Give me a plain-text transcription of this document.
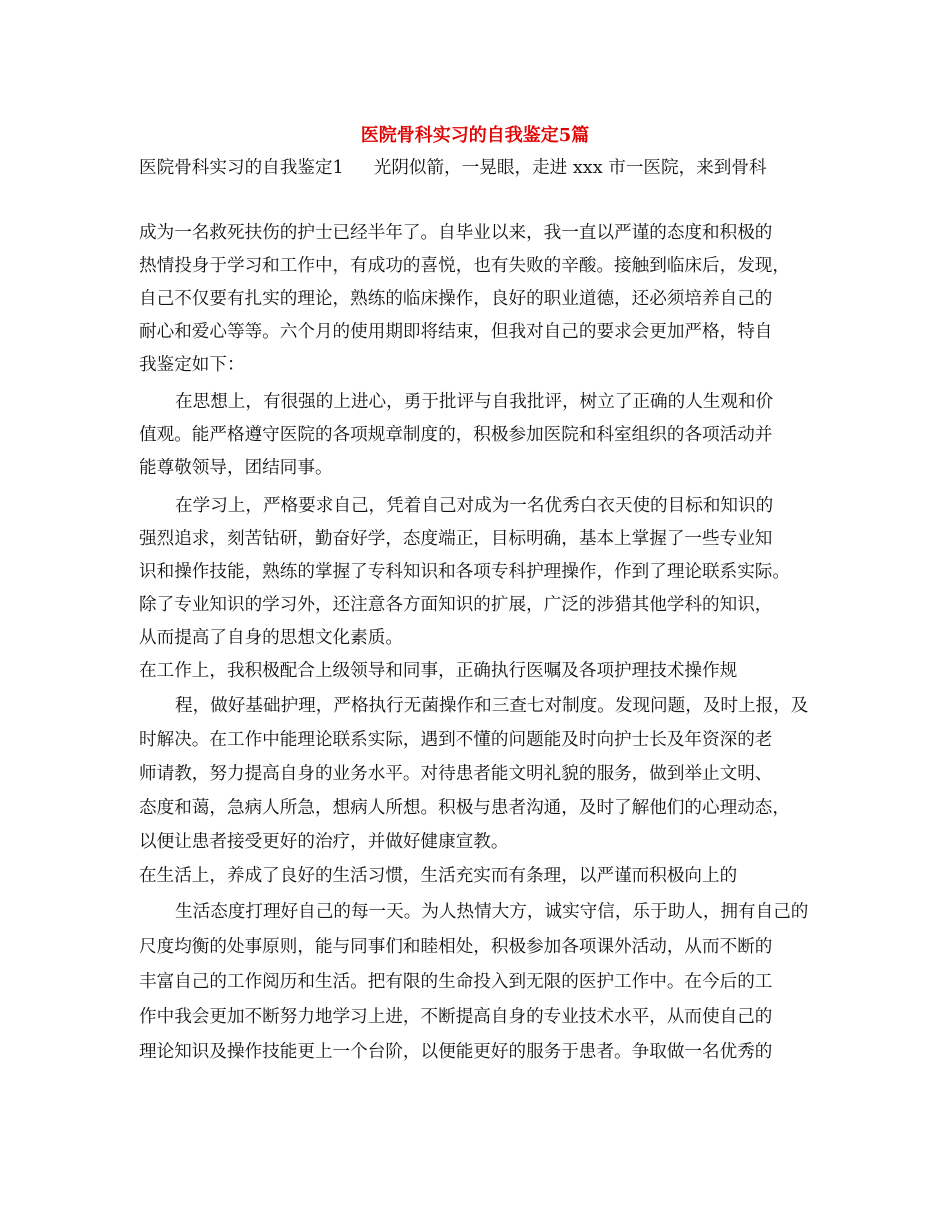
医院骨科实习的自我鉴定5篇
医院骨科实习的自我鉴定1 光阴似箭，一晃眼，走进 xxx 市一医院，来到骨科
成为一名救死扶伤的护士已经半年了。自毕业以来，我一直以严谨的态度和积极的
热情投身于学习和工作中，有成功的喜悦，也有失败的辛酸。接触到临床后，发现，
自己不仅要有扎实的理论，熟练的临床操作，良好的职业道德，还必须培养自己的
耐心和爱心等等。六个月的使用期即将结束，但我对自己的要求会更加严格，特自
我鉴定如下：
在思想上，有很强的上进心，勇于批评与自我批评，树立了正确的人生观和价
值观。能严格遵守医院的各项规章制度的，积极参加医院和科室组织的各项活动并
能尊敬领导，团结同事。
在学习上，严格要求自己，凭着自己对成为一名优秀白衣天使的目标和知识的
强烈追求，刻苦钻研，勤奋好学，态度端正，目标明确，基本上掌握了一些专业知
识和操作技能，熟练的掌握了专科知识和各项专科护理操作，作到了理论联系实际。
除了专业知识的学习外，还注意各方面知识的扩展，广泛的涉猎其他学科的知识，
从而提高了自身的思想文化素质。
在工作上，我积极配合上级领导和同事，正确执行医嘱及各项护理技术操作规
程，做好基础护理，严格执行无菌操作和三查七对制度。发现问题，及时上报，及
时解决。在工作中能理论联系实际，遇到不懂的问题能及时向护士长及年资深的老
师请教，努力提高自身的业务水平。对待患者能文明礼貌的服务，做到举止文明、
态度和蔼，急病人所急，想病人所想。积极与患者沟通，及时了解他们的心理动态，
以便让患者接受更好的治疗，并做好健康宣教。
在生活上，养成了良好的生活习惯，生活充实而有条理，以严谨而积极向上的
生活态度打理好自己的每一天。为人热情大方，诚实守信，乐于助人，拥有自己的
尺度均衡的处事原则，能与同事们和睦相处，积极参加各项课外活动，从而不断的
丰富自己的工作阅历和生活。把有限的生命投入到无限的医护工作中。在今后的工
作中我会更加不断努力地学习上进，不断提高自身的专业技术水平，从而使自己的
理论知识及操作技能更上一个台阶，以便能更好的服务于患者。争取做一名优秀的
